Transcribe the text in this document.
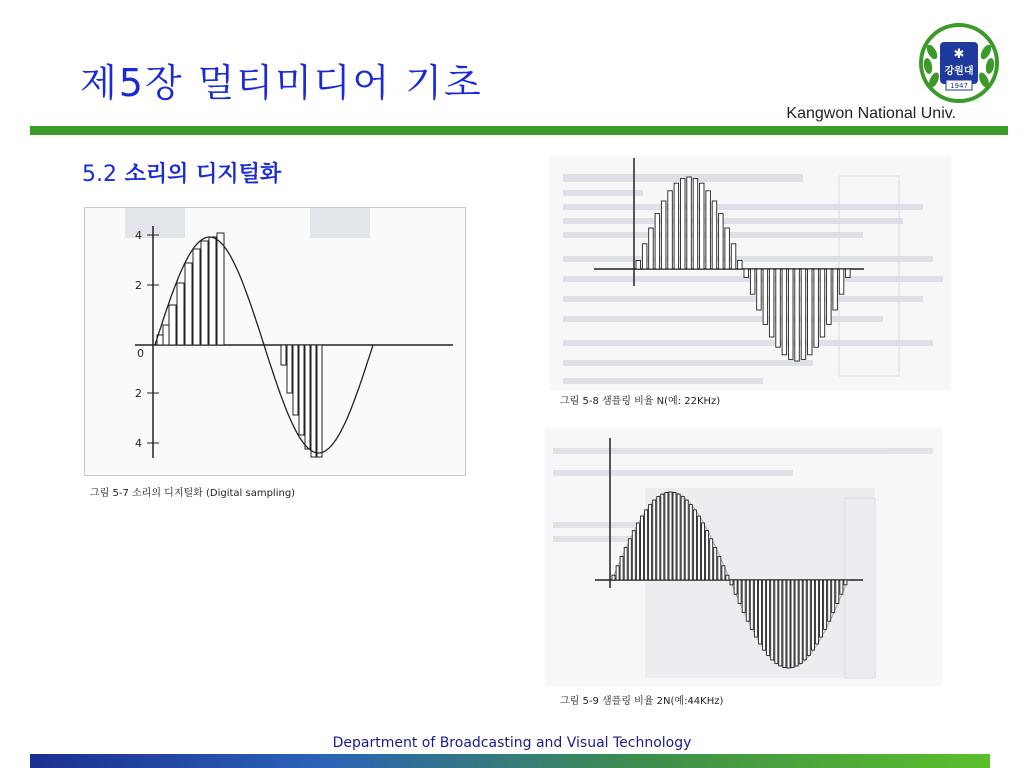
제5장 멀티미디어 기초
✱
강원대
1947
Kangwon National Univ.
5.2 소리의 디지털화
4
2
0
2
4
그림 5-7 소리의 디지털화 (Digital sampling)
그림 5-8 샘플링 비율 N(예: 22KHz)
그림 5-9 샘플링 비율 2N(예:44KHz)
Department of Broadcasting and Visual Technology
